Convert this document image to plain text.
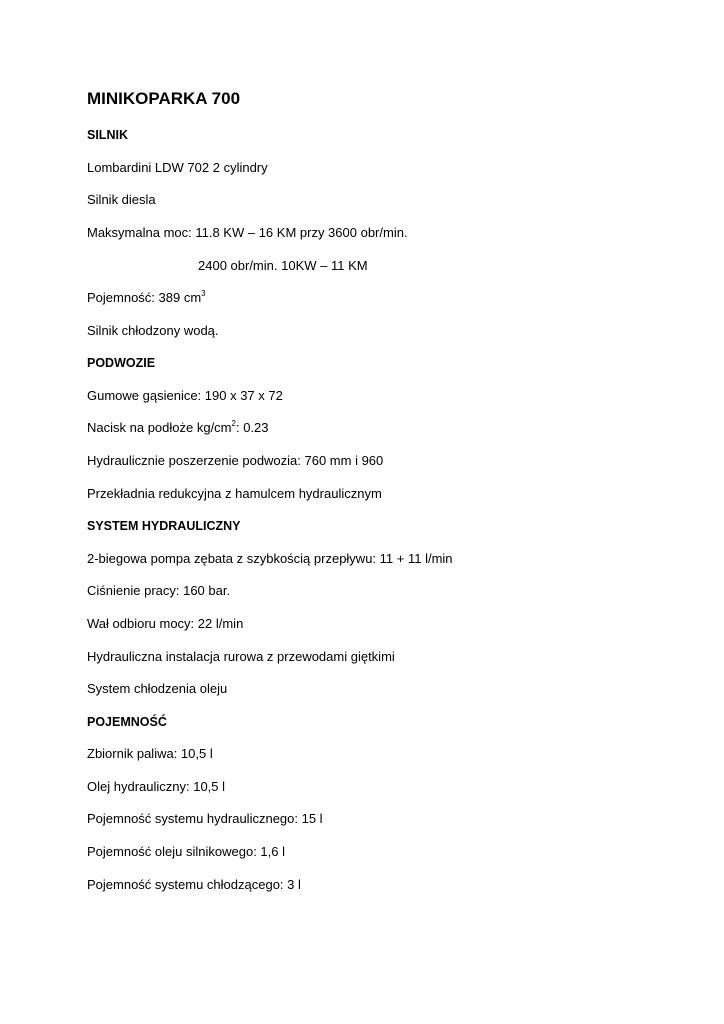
MINIKOPARKA 700
SILNIK
Lombardini LDW 702 2 cylindry
Silnik diesla
Maksymalna moc: 11.8 KW – 16 KM przy 3600 obr/min.
2400 obr/min. 10KW – 11 KM
Pojemność: 389 $cm^3$
Silnik chłodzony wodą.
PODWOZIE
Gumowe gąsienice: 190 x 37 x 72
Nacisk na podłoże $kg/cm^2$: 0.23
Hydraulicznie poszerzenie podwozia: 760 mm i 960
Przekładnia redukcyjna z hamulcem hydraulicznym
SYSTEM HYDRAULICZNY
2-biegowa pompa zębata z szybkością przepływu: 11 + 11 l/min
Ciśnienie pracy: 160 bar.
Wał odbioru mocy: 22 l/min
Hydrauliczna instalacja rurowa z przewodami giętkimi
System chłodzenia oleju
POJEMNOŚĆ
Zbiornik paliwa: 10,5 l
Olej hydrauliczny: 10,5 l
Pojemność systemu hydraulicznego: 15 l
Pojemność oleju silnikowego: 1,6 l
Pojemność systemu chłodzącego: 3 l
